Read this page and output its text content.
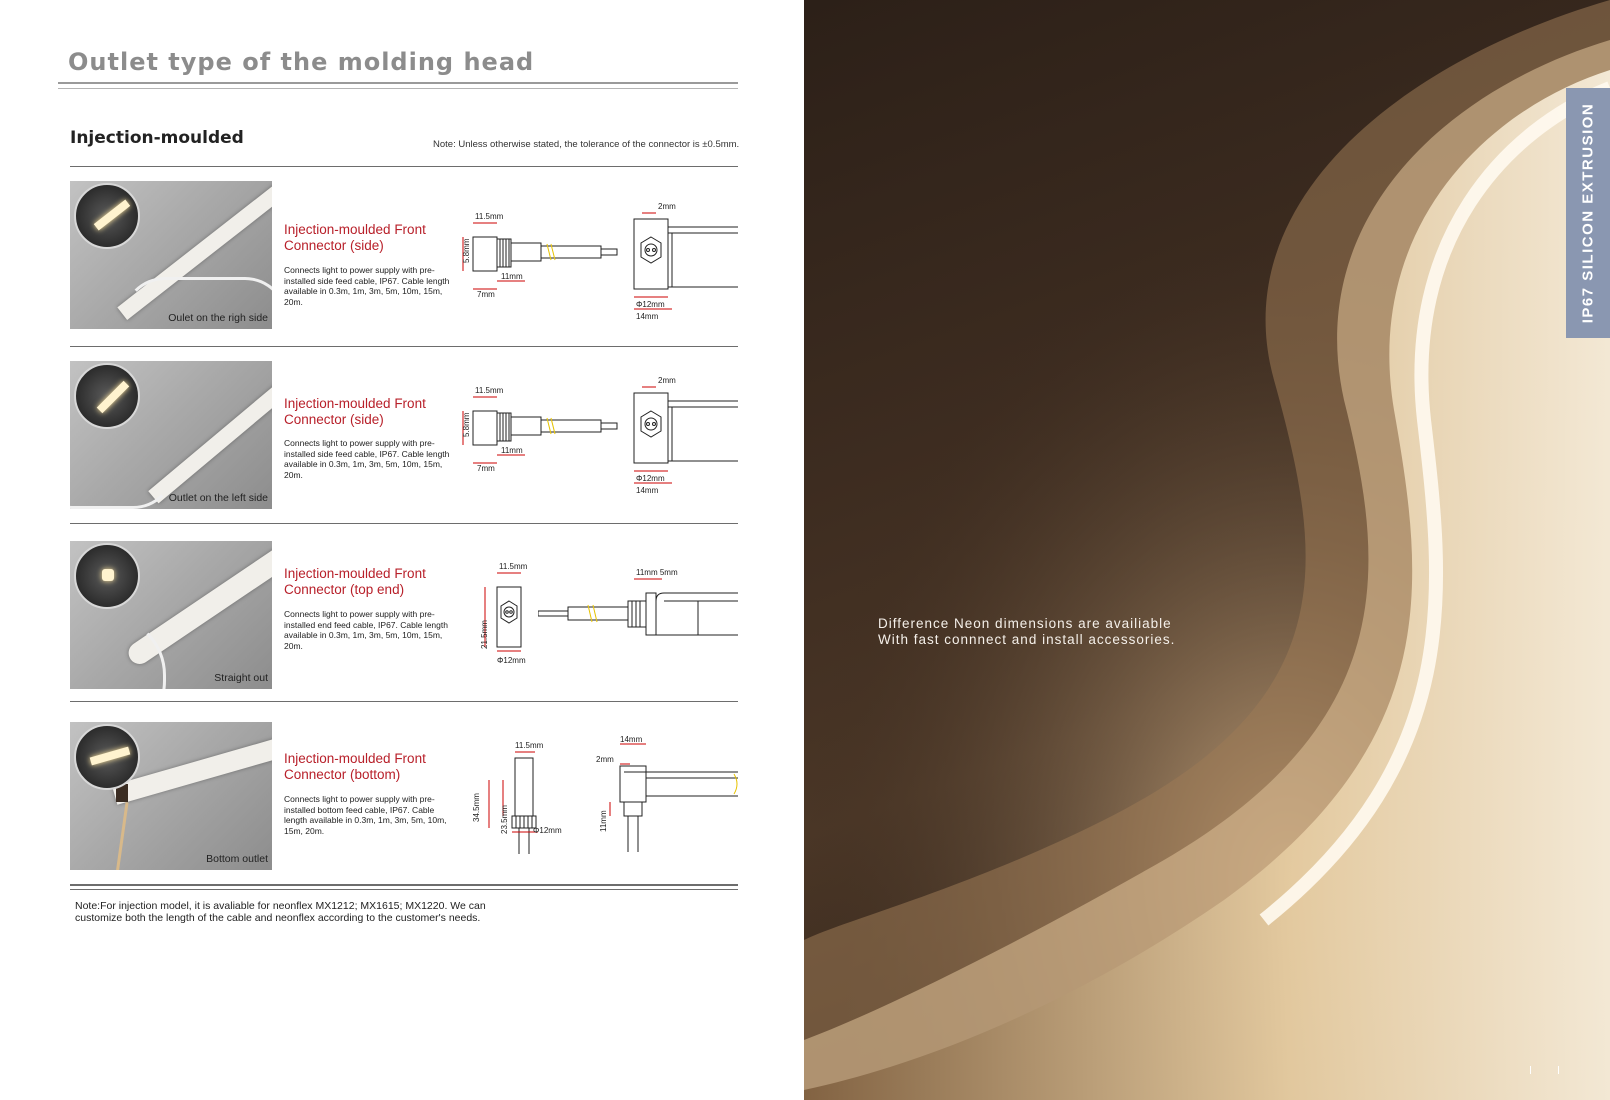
Outlet type of the molding head
Injection-moulded	Note: Unless otherwise stated, the tolerance of the connector is ±0.5mm.
Oulet on the righ side
Injection-moulded Front Connector (side)
Connects light to power supply with pre-installed side feed cable, IP67. Cable length available in 0.3m, 1m, 3m, 5m, 10m, 15m, 20m.
11.5mm
5.8mm
11mm
7mm
2mm
Φ12mm
14mm
Outlet on the left side
Injection-moulded Front Connector (side)
Connects light to power supply with pre-installed side feed cable, IP67. Cable length available in 0.3m, 1m, 3m, 5m, 10m, 15m, 20m.
11.5mm
5.8mm
11mm
7mm
2mm
Φ12mm
14mm
Straight out
Injection-moulded Front Connector (top end)
Connects light to power supply with pre-installed end feed cable, IP67. Cable length available in 0.3m, 1m, 3m, 5m, 10m, 15m, 20m.
11.5mm
21.5mm
Φ12mm
11mm 5mm
Bottom outlet
Injection-moulded Front Connector (bottom)
Connects light to power supply with pre-installed bottom feed cable, IP67. Cable length available in 0.3m, 1m, 3m, 5m, 10m, 15m, 20m.
11.5mm
23.5mm
34.5mm
Φ12mm
14mm
2mm
11mm

Note:For injection model, it is avaliable for neonflex MX1212; MX1615; MX1220. We can customize both the length of the cable and neonflex according to the customer's needs.

IP67 SILICON EXTRUSION

Difference Neon dimensions are availiable
With fast connnect and install accessories.
